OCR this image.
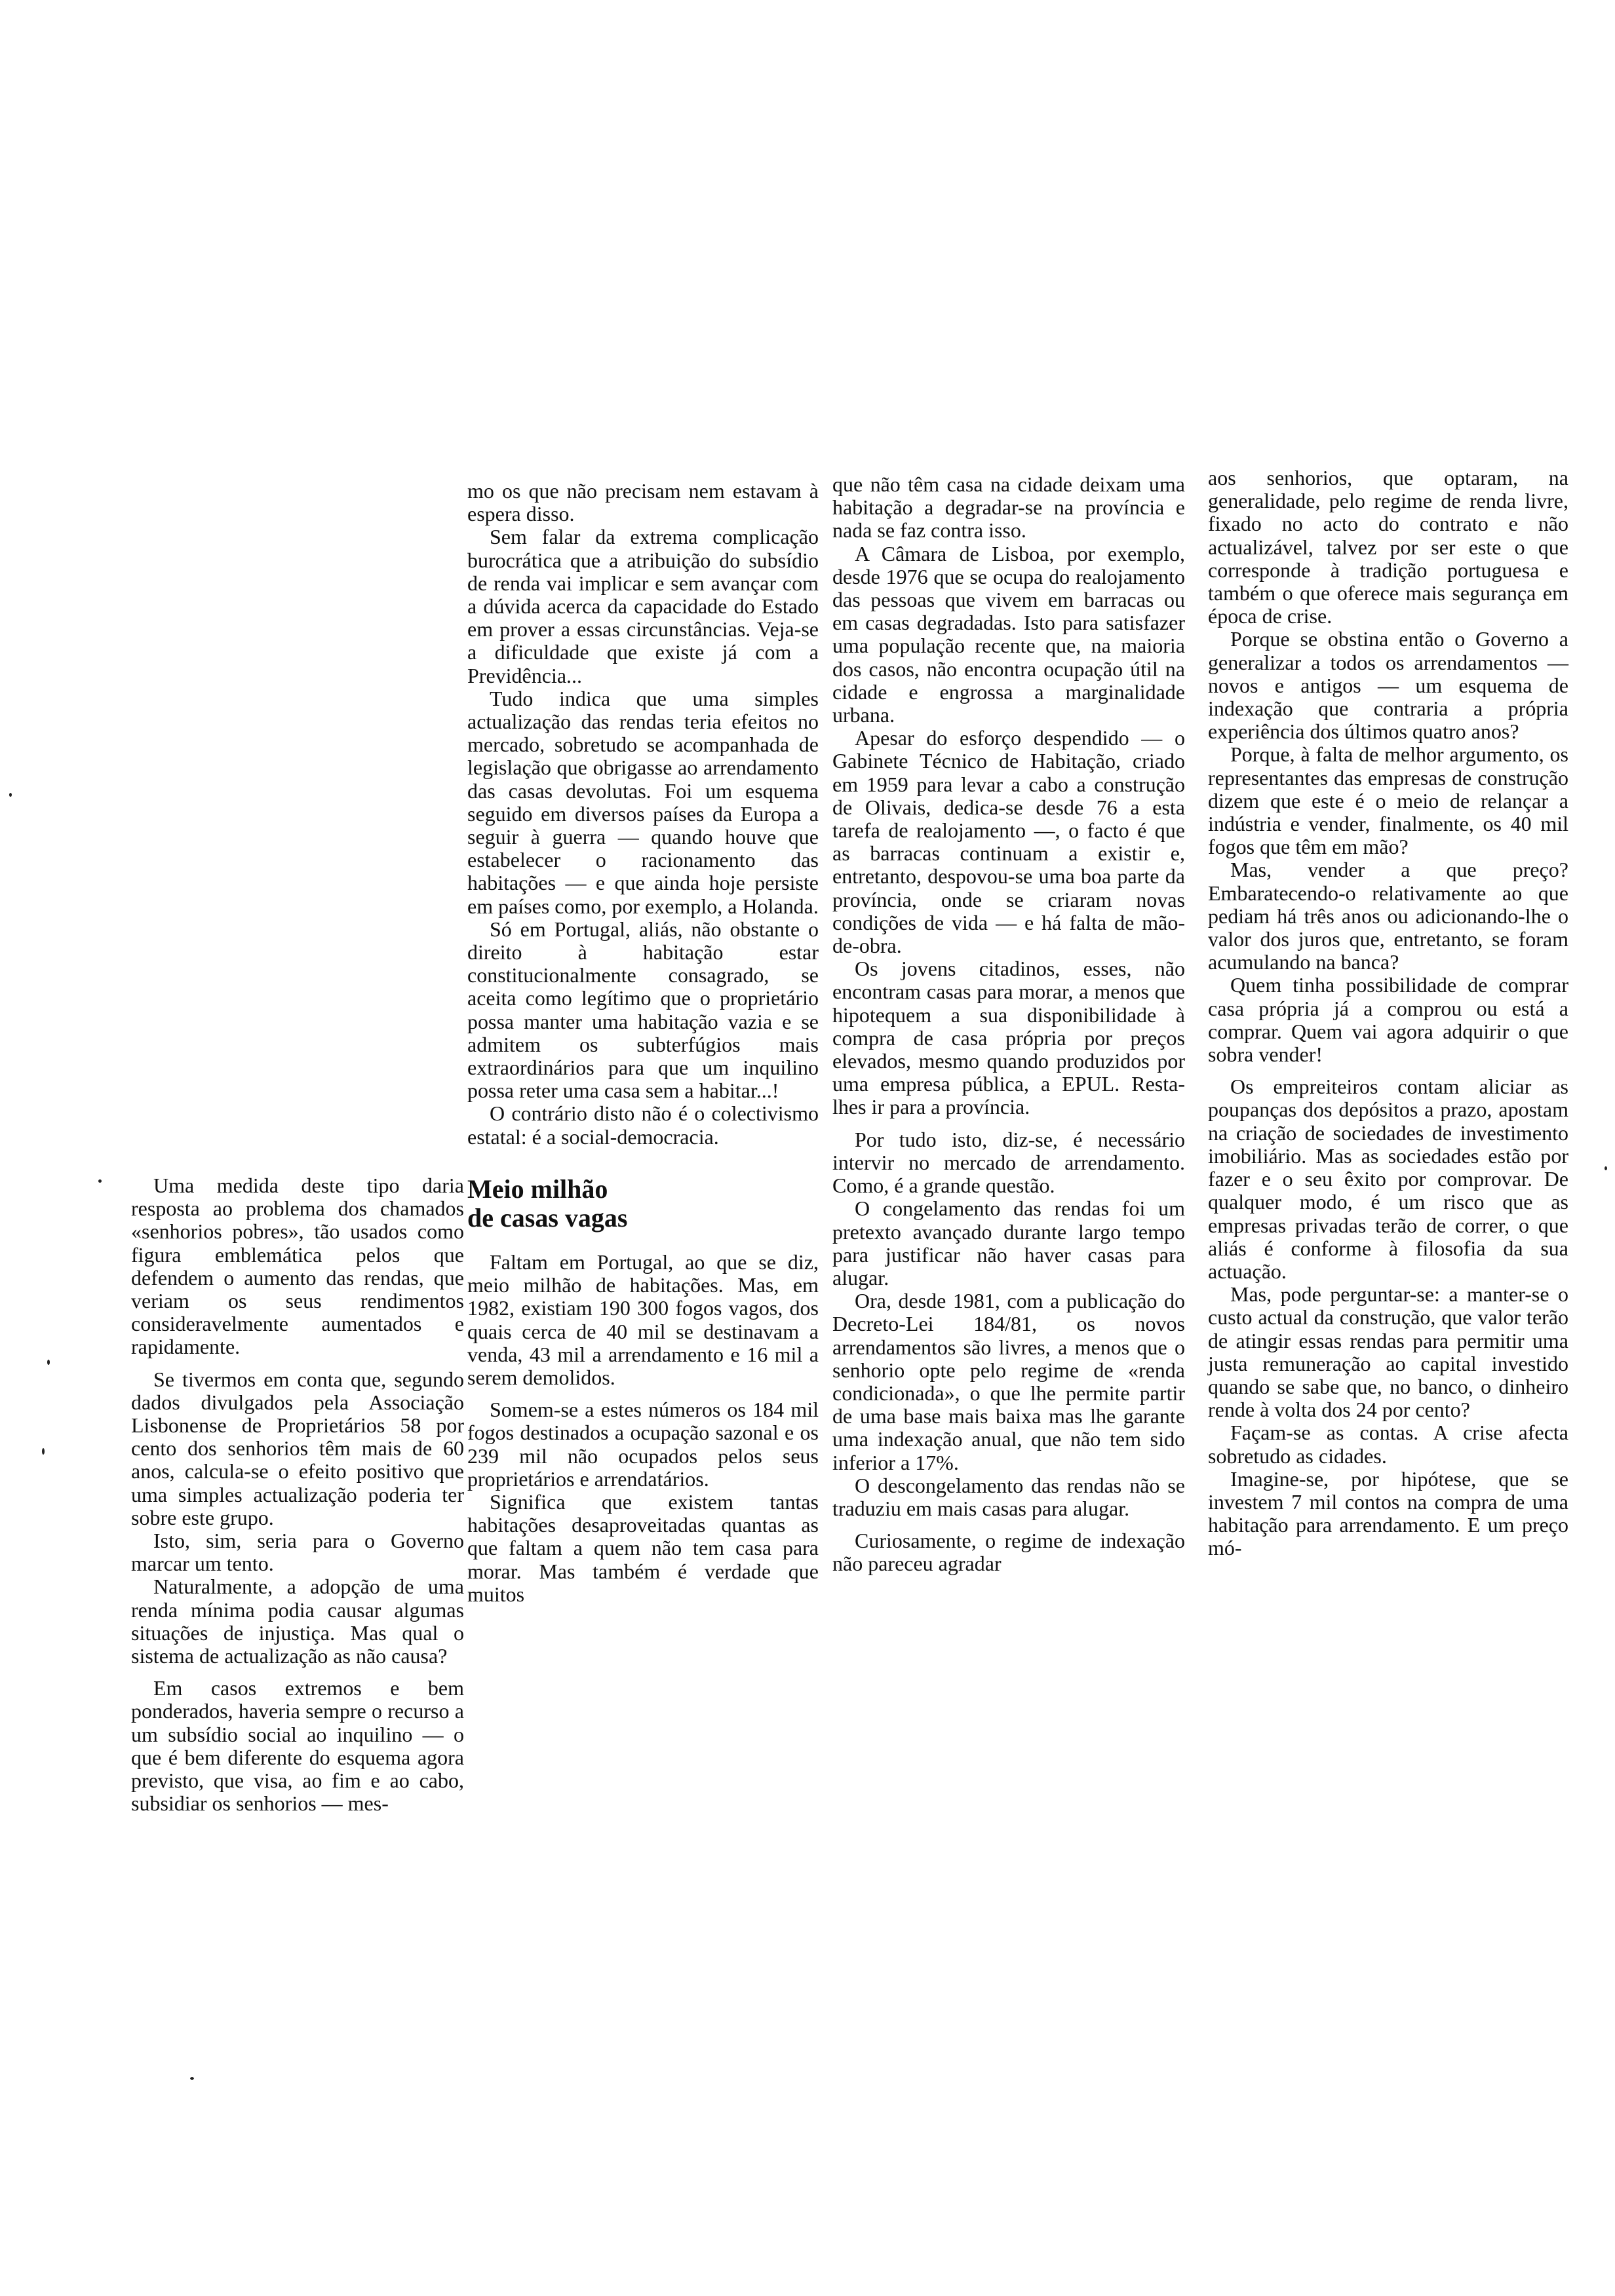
Uma medida deste tipo daria resposta ao problema dos chamados «senhorios pobres», tão usados como figura emblemática pelos que defendem o aumento das rendas, que veriam os seus rendimentos consideravelmente aumentados e rapidamente.

Se tivermos em conta que, segundo dados divulgados pela Associação Lisbonense de Proprietários 58 por cento dos senhorios têm mais de 60 anos, calcula-se o efeito positivo que uma simples actualização poderia ter sobre este grupo.

Isto, sim, seria para o Governo marcar um tento.

Naturalmente, a adopção de uma renda mínima podia causar algumas situações de injustiça. Mas qual o sistema de actualização as não causa?

Em casos extremos e bem ponderados, haveria sempre o recurso a um subsídio social ao inquilino — o que é bem diferente do esquema agora previsto, que visa, ao fim e ao cabo, subsidiar os senhorios — mes-

mo os que não precisam nem estavam à espera disso.

Sem falar da extrema complicação burocrática que a atribuição do subsídio de renda vai implicar e sem avançar com a dúvida acerca da capacidade do Estado em prover a essas circunstâncias. Veja-se a dificuldade que existe já com a Previdência...

Tudo indica que uma simples actualização das rendas teria efeitos no mercado, sobretudo se acompanhada de legislação que obrigasse ao arrendamento das casas devolutas. Foi um esquema seguido em diversos países da Europa a seguir à guerra — quando houve que estabelecer o racionamento das habitações — e que ainda hoje persiste em países como, por exemplo, a Holanda.

Só em Portugal, aliás, não obstante o direito à habitação estar constitucionalmente consagrado, se aceita como legítimo que o proprietário possa manter uma habitação vazia e se admitem os subterfúgios mais extraordinários para que um inquilino possa reter uma casa sem a habitar...!

O contrário disto não é o colectivismo estatal: é a social-democracia.

Meio milhão
de casas vagas

Faltam em Portugal, ao que se diz, meio milhão de habitações. Mas, em 1982, existiam 190 300 fogos vagos, dos quais cerca de 40 mil se destinavam a venda, 43 mil a arrendamento e 16 mil a serem demolidos.

Somem-se a estes números os 184 mil fogos destinados a ocupação sazonal e os 239 mil não ocupados pelos seus proprietários e arrendatários.

Significa que existem tantas habitações desaproveitadas quantas as que faltam a quem não tem casa para morar. Mas também é verdade que muitos

que não têm casa na cidade deixam uma habitação a degradar-se na província e nada se faz contra isso.

A Câmara de Lisboa, por exemplo, desde 1976 que se ocupa do realojamento das pessoas que vivem em barracas ou em casas degradadas. Isto para satisfazer uma população recente que, na maioria dos casos, não encontra ocupação útil na cidade e engrossa a marginalidade urbana.

Apesar do esforço despendido — o Gabinete Técnico de Habitação, criado em 1959 para levar a cabo a construção de Olivais, dedica-se desde 76 a esta tarefa de realojamento —, o facto é que as barracas continuam a existir e, entretanto, despovou-se uma boa parte da província, onde se criaram novas condições de vida — e há falta de mão-de-obra.

Os jovens citadinos, esses, não encontram casas para morar, a menos que hipotequem a sua disponibilidade à compra de casa própria por preços elevados, mesmo quando produzidos por uma empresa pública, a EPUL. Resta-lhes ir para a província.

Por tudo isto, diz-se, é necessário intervir no mercado de arrendamento. Como, é a grande questão.

O congelamento das rendas foi um pretexto avançado durante largo tempo para justificar não haver casas para alugar.

Ora, desde 1981, com a publicação do Decreto-Lei 184/81, os novos arrendamentos são livres, a menos que o senhorio opte pelo regime de «renda condicionada», o que lhe permite partir de uma base mais baixa mas lhe garante uma indexação anual, que não tem sido inferior a 17%.

O descongelamento das rendas não se traduziu em mais casas para alugar.

Curiosamente, o regime de indexação não pareceu agradar

aos senhorios, que optaram, na generalidade, pelo regime de renda livre, fixado no acto do contrato e não actualizável, talvez por ser este o que corresponde à tradição portuguesa e também o que oferece mais segurança em época de crise.

Porque se obstina então o Governo a generalizar a todos os arrendamentos — novos e antigos — um esquema de indexação que contraria a própria experiência dos últimos quatro anos?

Porque, à falta de melhor argumento, os representantes das empresas de construção dizem que este é o meio de relançar a indústria e vender, finalmente, os 40 mil fogos que têm em mão?

Mas, vender a que preço? Embaratecendo-o relativamente ao que pediam há três anos ou adicionando-lhe o valor dos juros que, entretanto, se foram acumulando na banca?

Quem tinha possibilidade de comprar casa própria já a comprou ou está a comprar. Quem vai agora adquirir o que sobra vender!

Os empreiteiros contam aliciar as poupanças dos depósitos a prazo, apostam na criação de sociedades de investimento imobiliário. Mas as sociedades estão por fazer e o seu êxito por comprovar. De qualquer modo, é um risco que as empresas privadas terão de correr, o que aliás é conforme à filosofia da sua actuação.

Mas, pode perguntar-se: a manter-se o custo actual da construção, que valor terão de atingir essas rendas para permitir uma justa remuneração ao capital investido quando se sabe que, no banco, o dinheiro rende à volta dos 24 por cento?

Façam-se as contas. A crise afecta sobretudo as cidades.

Imagine-se, por hipótese, que se investem 7 mil contos na compra de uma habitação para arrendamento. E um preço mó-
